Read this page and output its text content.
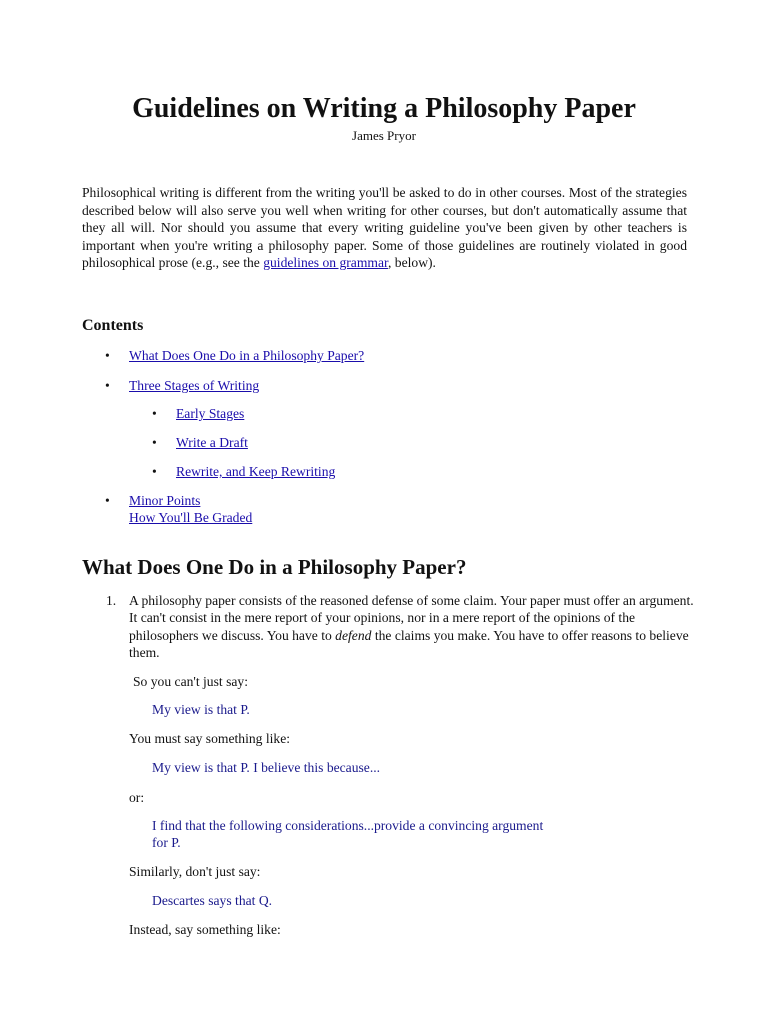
Guidelines on Writing a Philosophy Paper
James Pryor

Philosophical writing is different from the writing you'll be asked to do in other courses. Most of the strategies described below will also serve you well when writing for other courses, but don't automatically assume that they all will. Nor should you assume that every writing guideline you've been given by other teachers is important when you're writing a philosophy paper. Some of those guidelines are routinely violated in good philosophical prose (e.g., see the guidelines on grammar, below).

Contents
• What Does One Do in a Philosophy Paper?
• Three Stages of Writing
• Early Stages
• Write a Draft
• Rewrite, and Keep Rewriting
• Minor Points
How You'll Be Graded
What Does One Do in a Philosophy Paper?
1. A philosophy paper consists of the reasoned defense of some claim. Your paper must offer an argument. It can't consist in the mere report of your opinions, nor in a mere report of the opinions of the philosophers we discuss. You have to defend the claims you make. You have to offer reasons to believe them.

So you can't just say:
My view is that P.
You must say something like:
My view is that P. I believe this because...
or:
I find that the following considerations...provide a convincing argument
for P.
Similarly, don't just say:
Descartes says that Q.
Instead, say something like:
